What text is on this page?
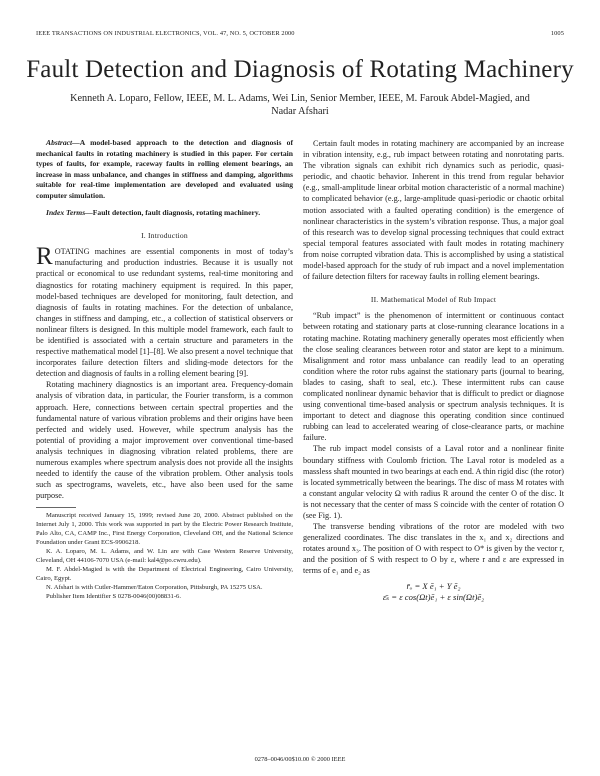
IEEE TRANSACTIONS ON INDUSTRIAL ELECTRONICS, VOL. 47, NO. 5, OCTOBER 2000	1005
Fault Detection and Diagnosis of Rotating Machinery
Kenneth A. Loparo, Fellow, IEEE, M. L. Adams, Wei Lin, Senior Member, IEEE, M. Farouk Abdel-Magied, and Nadar Afshari

Abstract—A model-based approach to the detection and diagnosis of mechanical faults in rotating machinery is studied in this paper. For certain types of faults, for example, raceway faults in rolling element bearings, an increase in mass unbalance, and changes in stiffness and damping, algorithms suitable for real-time implementation are developed and evaluated using computer simulation.

Index Terms—Fault detection, fault diagnosis, rotating machinery.

I. Introduction

ROTATING machines are essential components in most of today’s manufacturing and production industries. Because it is usually not practical or economical to use redundant systems, real-time monitoring and diagnostics for rotating machinery equipment is required. In this paper, model-based techniques are developed for monitoring, fault detection, and diagnosis of faults in rotating machines. For the detection of unbalance, changes in stiffness and damping, etc., a collection of statistical observers or nonlinear filters is designed. In this multiple model framework, each fault to be identified is associated with a certain structure and parameters in the respective mathematical model [1]–[8]. We also present a novel technique that incorporates failure detection filters and sliding-mode detectors for the detection and diagnosis of faults in a rolling element bearing [9].

Rotating machinery diagnostics is an important area. Frequency-domain analysis of vibration data, in particular, the Fourier transform, is a common approach. Here, connections between certain spectral properties and the fundamental nature of various vibration problems and their origins have been perfected and widely used. However, while spectrum analysis has the potential of providing a major improvement over conventional time-based analysis techniques in diagnosing vibration related problems, there are numerous examples where spectrum analysis does not provide all the insights needed to identify the cause of the vibration problem. Other analysis tools such as spectrograms, wavelets, etc., have also been used for the same purpose.

Manuscript received January 15, 1999; revised June 20, 2000. Abstract published on the Internet July 1, 2000. This work was supported in part by the Electric Power Research Institute, Palo Alto, CA, CAMP Inc., First Energy Corporation, Cleveland OH, and the National Science Foundation under Grant ECS-9906218.

K. A. Loparo, M. L. Adams, and W. Lin are with Case Western Reserve University, Cleveland, OH 44106-7070 USA (e-mail: kal4@po.cwru.edu).

M. F. Abdel-Magied is with the Department of Electrical Engineering, Cairo University, Cairo, Egypt.

N. Afshari is with Cutler-Hammer/Eaton Corporation, Pittsburgh, PA 15275 USA.

Publisher Item Identifier S 0278-0046(00)08831-6.

Certain fault modes in rotating machinery are accompanied by an increase in vibration intensity, e.g., rub impact between rotating and nonrotating parts. The vibration signals can exhibit rich dynamics such as periodic, quasi-periodic, and chaotic behavior. Inherent in this trend from regular behavior (e.g., small-amplitude linear orbital motion characteristic of a normal machine) to complicated behavior (e.g., large-amplitude quasi-periodic or chaotic orbital motion associated with a faulted operating condition) is the emergence of nonlinear characteristics in the system’s vibration response. Thus, a major goal of this research was to develop signal processing techniques that could extract special temporal features associated with fault modes in rotating machinery from noise corrupted vibration data. This is accomplished by using a statistical model-based approach for the study of rub impact and a novel implementation of failure detection filters for raceway faults in rolling element bearings.

II. Mathematical Model of Rub Impact

“Rub impact” is the phenomenon of intermittent or continuous contact between rotating and stationary parts at close-running clearance locations in a rotating machine. Rotating machinery generally operates most efficiently when the close sealing clearances between rotor and stator are kept to a minimum. Misalignment and rotor mass unbalance can readily lead to an operating condition where the rotor rubs against the stationary parts (journal to bearing, blades to casing, shaft to seal, etc.). These intermittent rubs can cause complicated nonlinear dynamic behavior that is difficult to predict or diagnose using conventional time-based analysis or spectrum analysis techniques. It is important to detect and diagnose this operating condition since continued rubbing can lead to accelerated wearing of close-clearance parts, or machine failure.

The rub impact model consists of a Laval rotor and a nonlinear finite boundary stiffness with Coulomb friction. The Laval rotor is modeled as a massless shaft mounted in two bearings at each end. A thin rigid disc (the rotor) is located symmetrically between the bearings. The disc of mass M rotates with a constant angular velocity Ω with radius R around the center O of the disc. It is not necessary that the center of mass S coincide with the center of rotation O (see Fig. 1).

The transverse bending vibrations of the rotor are modeled with two generalized coordinates. The disc translates in the x₁ and x₂ directions and rotates around x₃. The position of O with respect to O* is given by the vector r, and the position of S with respect to O by ε, where r and ε are expressed in terms of e₁ and e₂ as

r̄ₒ = X ē₁ + Y ē₂

ε̄ₛ = ε cos(Ωt)ē₁ + ε sin(Ωt)ē₂

0278–0046/00$10.00 © 2000 IEEE
